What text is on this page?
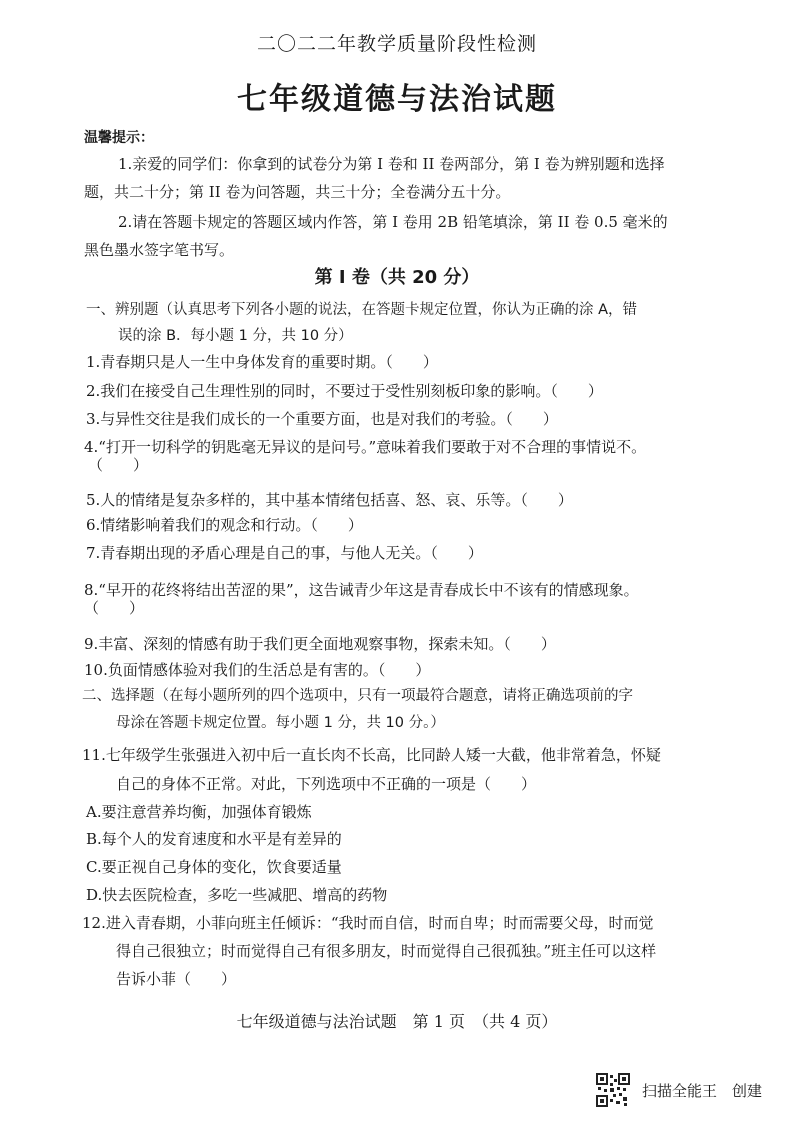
二〇二二年教学质量阶段性检测
七年级道德与法治试题
温馨提示：
1.亲爱的同学们：你拿到的试卷分为第 I 卷和 II 卷两部分，第 I 卷为辨别题和选择
题，共二十分；第 II 卷为问答题，共三十分；全卷满分五十分。
2.请在答题卡规定的答题区域内作答，第 I 卷用 2B 铅笔填涂，第 II 卷 0.5 毫米的
黑色墨水签字笔书写。
第 I 卷（共 20 分）
一、辨别题（认真思考下列各小题的说法，在答题卡规定位置，你认为正确的涂 A，错
误的涂 B．每小题 1 分，共 10 分）
1.青春期只是人一生中身体发育的重要时期。（　　）
2.我们在接受自己生理性别的同时，不要过于受性别刻板印象的影响。（　　）
3.与异性交往是我们成长的一个重要方面，也是对我们的考验。（　　）
4.“打开一切科学的钥匙毫无异议的是问号。”意味着我们要敢于对不合理的事情说不。
（　　）
5.人的情绪是复杂多样的，其中基本情绪包括喜、怒、哀、乐等。（　　）
6.情绪影响着我们的观念和行动。（　　）
7.青春期出现的矛盾心理是自己的事，与他人无关。（　　）
8.“早开的花终将结出苦涩的果”，这告诫青少年这是青春成长中不该有的情感现象。
（　　）
9.丰富、深刻的情感有助于我们更全面地观察事物，探索未知。（　　）
10.负面情感体验对我们的生活总是有害的。（　　）
二、选择题（在每小题所列的四个选项中，只有一项最符合题意，请将正确选项前的字
母涂在答题卡规定位置。每小题 1 分，共 10 分。）
11.七年级学生张强进入初中后一直长肉不长高，比同龄人矮一大截，他非常着急，怀疑
自己的身体不正常。对此，下列选项中不正确的一项是（　　）
A.要注意营养均衡，加强体育锻炼
B.每个人的发育速度和水平是有差异的
C.要正视自己身体的变化，饮食要适量
D.快去医院检查，多吃一些减肥、增高的药物
12.进入青春期，小菲向班主任倾诉：“我时而自信，时而自卑；时而需要父母，时而觉
得自己很独立；时而觉得自己有很多朋友，时而觉得自己很孤独。”班主任可以这样
告诉小菲（　　）
七年级道德与法治试题　第 1 页　（共 4 页）
扫描全能王　创建
